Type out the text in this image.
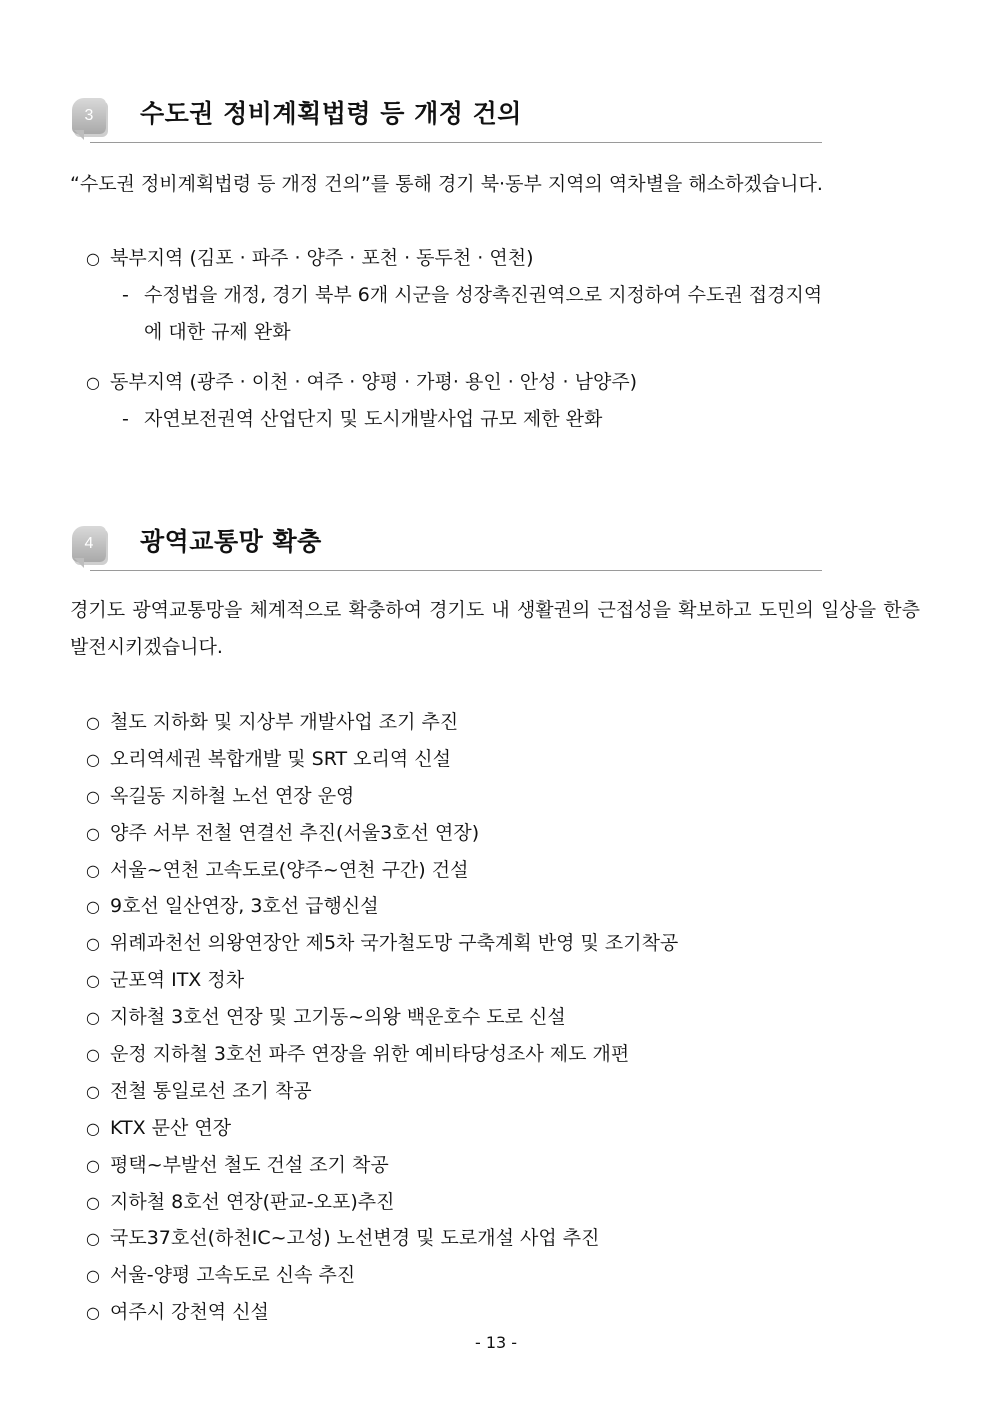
3	수도권 정비계획법령 등 개정 건의
“수도권 정비계획법령 등 개정 건의”를 통해 경기 북·동부 지역의 역차별을 해소하겠습니다.
○ 북부지역 (김포 · 파주 · 양주 · 포천 · 동두천 · 연천)
- 수정법을 개정, 경기 북부 6개 시군을 성장촉진권역으로 지정하여 수도권 접경지역
에 대한 규제 완화
○ 동부지역 (광주 · 이천 · 여주 · 양평 · 가평· 용인 · 안성 · 남양주)
- 자연보전권역 산업단지 및 도시개발사업 규모 제한 완화
4	광역교통망 확충
경기도 광역교통망을 체계적으로 확충하여 경기도 내 생활권의 근접성을 확보하고 도민의 일상을 한층 발전시키겠습니다.
○ 철도 지하화 및 지상부 개발사업 조기 추진
○ 오리역세권 복합개발 및 SRT 오리역 신설
○ 옥길동 지하철 노선 연장 운영
○ 양주 서부 전철 연결선 추진(서울3호선 연장)
○ 서울~연천 고속도로(양주~연천 구간) 건설
○ 9호선 일산연장, 3호선 급행신설
○ 위례과천선 의왕연장안 제5차 국가철도망 구축계획 반영 및 조기착공
○ 군포역 ITX 정차
○ 지하철 3호선 연장 및 고기동~의왕 백운호수 도로 신설
○ 운정 지하철 3호선 파주 연장을 위한 예비타당성조사 제도 개편
○ 전철 통일로선 조기 착공
○ KTX 문산 연장
○ 평택~부발선 철도 건설 조기 착공
○ 지하철 8호선 연장(판교-오포)추진
○ 국도37호선(하천IC~고성) 노선변경 및 도로개설 사업 추진
○ 서울-양평 고속도로 신속 추진
○ 여주시 강천역 신설
- 13 -
